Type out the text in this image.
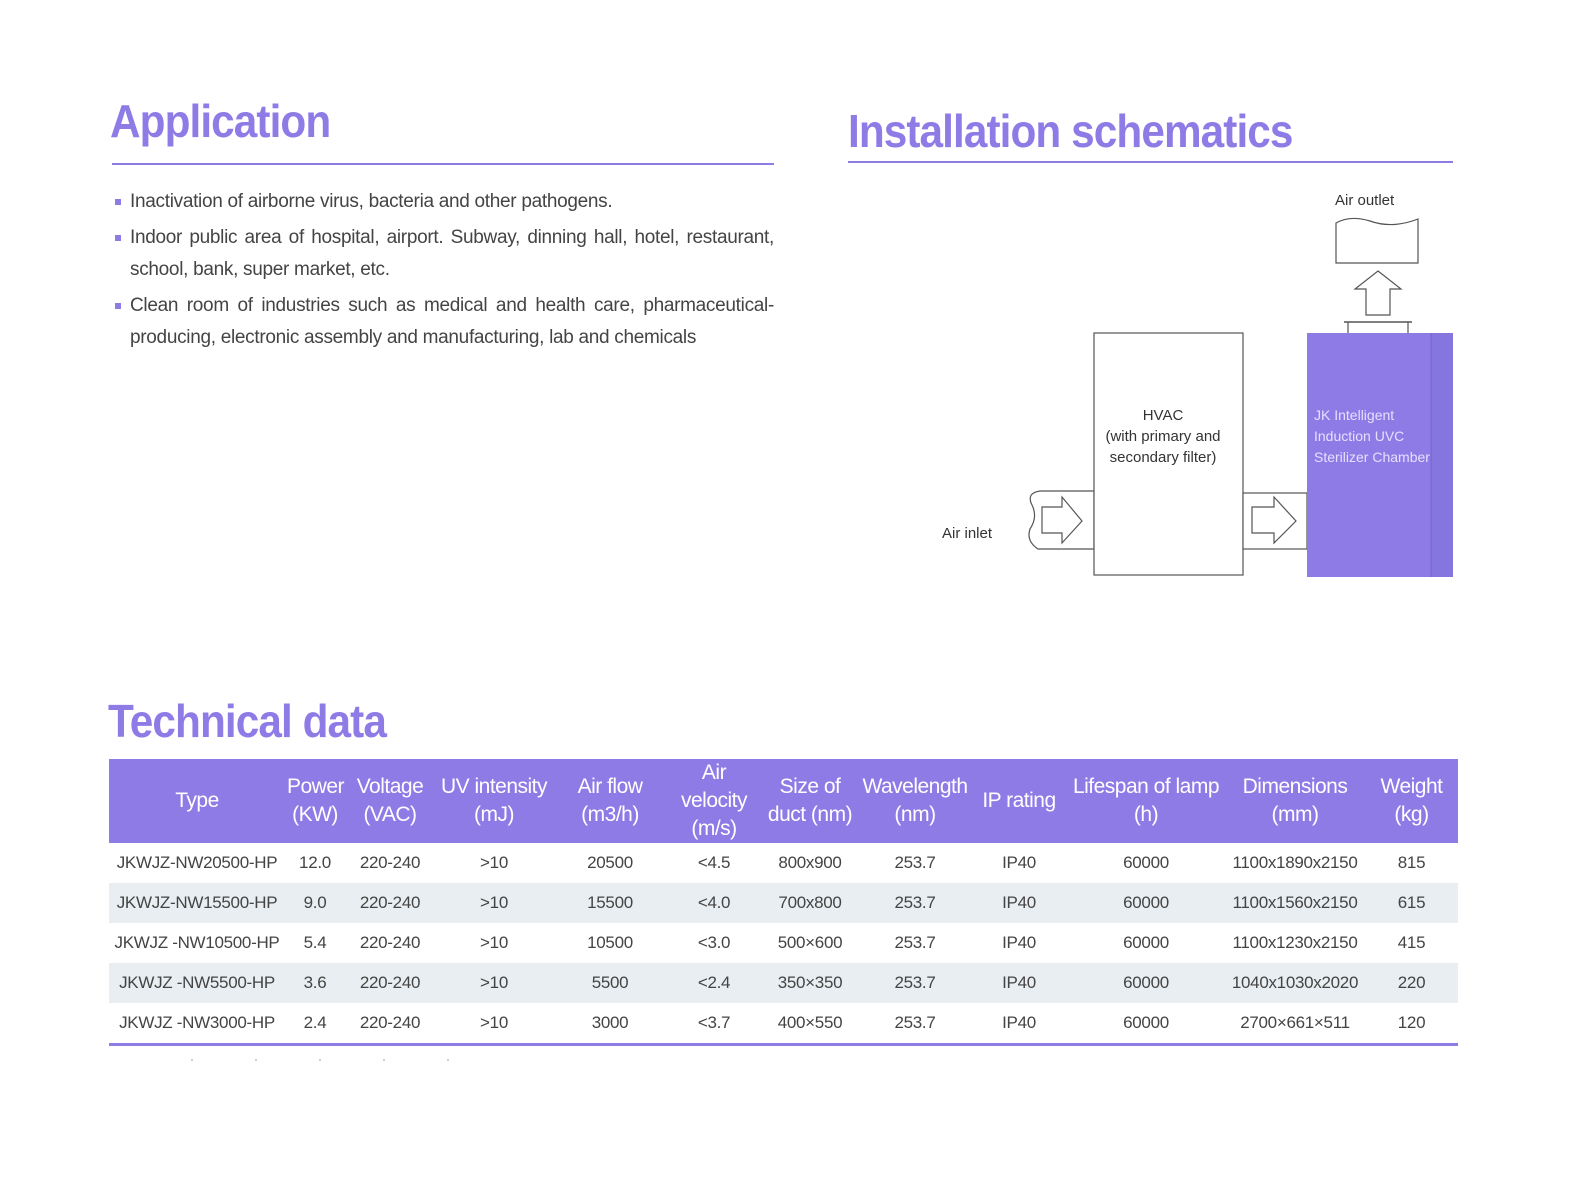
Application
Inactivation of airborne virus, bacteria and other pathogens.
Indoor public area of hospital, airport. Subway, dinning hall, hotel, restaurant, school, bank, super market, etc.
Clean room of industries such as medical and health care, pharmaceutical-producing, electronic assembly and manufacturing, lab and chemicals
Installation schematics
Air outlet
Air inlet
HVAC
(with primary and secondary filter)
JK Intelligent Induction UVC Sterilizer Chamber
Technical data
Type	Power (KW)	Voltage (VAC)	UV intensity (mJ)	Air flow (m3/h)	Air velocity (m/s)	Size of duct (nm)	Wavelength (nm)	IP rating	Lifespan of lamp (h)	Dimensions (mm)	Weight (kg)
JKWJZ-NW20500-HP	12.0	220-240	>10	20500	<4.5	800x900	253.7	IP40	60000	1100x1890x2150	815
JKWJZ-NW15500-HP	9.0	220-240	>10	15500	<4.0	700x800	253.7	IP40	60000	1100x1560x2150	615
JKWJZ -NW10500-HP	5.4	220-240	>10	10500	<3.0	500×600	253.7	IP40	60000	1100x1230x2150	415
JKWJZ -NW5500-HP	3.6	220-240	>10	5500	<2.4	350×350	253.7	IP40	60000	1040x1030x2020	220
JKWJZ -NW3000-HP	2.4	220-240	>10	3000	<3.7	400×550	253.7	IP40	60000	2700×661×511	120
